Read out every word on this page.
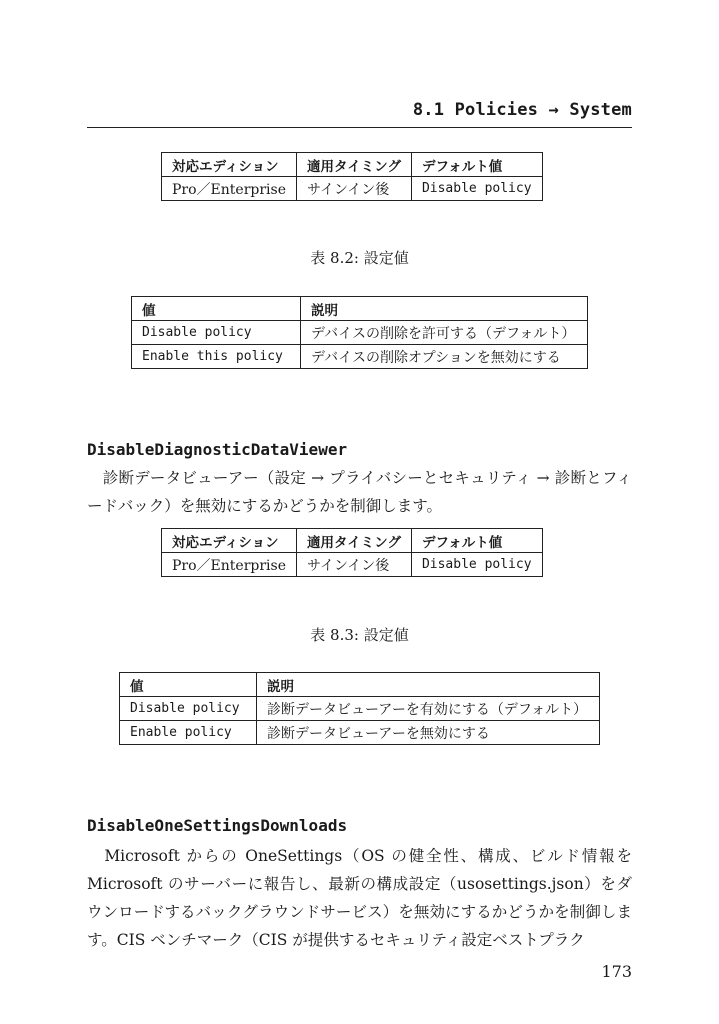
8.1 Policies → System
対応エディション	適用タイミング	デフォルト値
Pro／Enterprise	サインイン後	Disable policy
表 8.2: 設定値
値	説明
Disable policy	デバイスの削除を許可する（デフォルト）
Enable this policy	デバイスの削除オプションを無効にする
DisableDiagnosticDataViewer
　診断データビューアー（設定 → プライバシーとセキュリティ → 診断とフィードバック）を無効にするかどうかを制御します。
対応エディション	適用タイミング	デフォルト値
Pro／Enterprise	サインイン後	Disable policy
表 8.3: 設定値
値	説明
Disable policy	診断データビューアーを有効にする（デフォルト）
Enable policy	診断データビューアーを無効にする
DisableOneSettingsDownloads
　Microsoft からの OneSettings（OS の健全性、構成、ビルド情報を Microsoft のサーバーに報告し、最新の構成設定（usosettings.json）をダウンロードするバックグラウンドサービス）を無効にするかどうかを制御します。CIS ベンチマーク（CIS が提供するセキュリティ設定ベストプラク
173
